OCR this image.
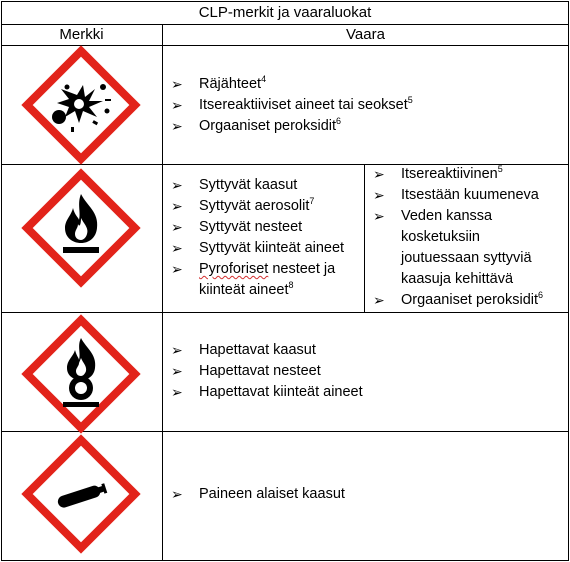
CLP-merkit ja vaaraluokat
Merkki	Vaara
➢ Räjähteet$^4$
➢ Itsereaktiiviset aineet tai seokset$^5$
➢ Orgaaniset peroksidit$^6$
➢ Syttyvät kaasut
➢ Syttyvät aerosolit$^7$
➢ Syttyvät nesteet
➢ Syttyvät kiinteät aineet
➢ Pyroforiset nesteet ja
kiinteät aineet$^8$
➢ Itsereaktiivinen$^5$
➢ Itsestään kuumeneva
➢ Veden kanssa
kosketuksiin
joutuessaan syttyviä
kaasuja kehittävä
➢ Orgaaniset peroksidit$^6$
➢ Hapettavat kaasut
➢ Hapettavat nesteet
➢ Hapettavat kiinteät aineet
➢ Paineen alaiset kaasut
